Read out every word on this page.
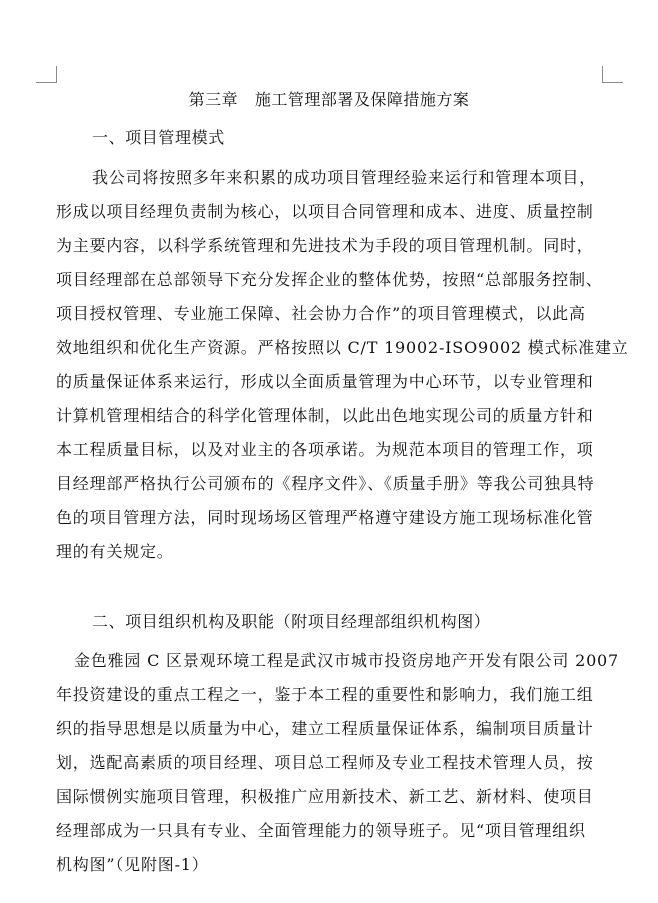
第三章   施工管理部署及保障措施方案
一、项目管理模式
我公司将按照多年来积累的成功项目管理经验来运行和管理本项目，
形成以项目经理负责制为核心，以项目合同管理和成本、进度、质量控制
为主要内容，以科学系统管理和先进技术为手段的项目管理机制。同时，
项目经理部在总部领导下充分发挥企业的整体优势，按照“总部服务控制、
项目授权管理、专业施工保障、社会协力合作”的项目管理模式，以此高
效地组织和优化生产资源。严格按照以 C/T 19002-ISO9002 模式标准建立
的质量保证体系来运行，形成以全面质量管理为中心环节，以专业管理和
计算机管理相结合的科学化管理体制，以此出色地实现公司的质量方针和
本工程质量目标，以及对业主的各项承诺。为规范本项目的管理工作，项
目经理部严格执行公司颁布的《程序文件》、《质量手册》等我公司独具特
色的项目管理方法，同时现场场区管理严格遵守建设方施工现场标准化管
理的有关规定。
二、项目组织机构及职能（附项目经理部组织机构图）
金色雅园 C 区景观环境工程是武汉市城市投资房地产开发有限公司 2007
年投资建设的重点工程之一，鉴于本工程的重要性和影响力，我们施工组
织的指导思想是以质量为中心，建立工程质量保证体系，编制项目质量计
划，选配高素质的项目经理、项目总工程师及专业工程技术管理人员，按
国际惯例实施项目管理，积极推广应用新技术、新工艺、新材料、使项目
经理部成为一只具有专业、全面管理能力的领导班子。见“项目管理组织
机构图”（见附图-1）
